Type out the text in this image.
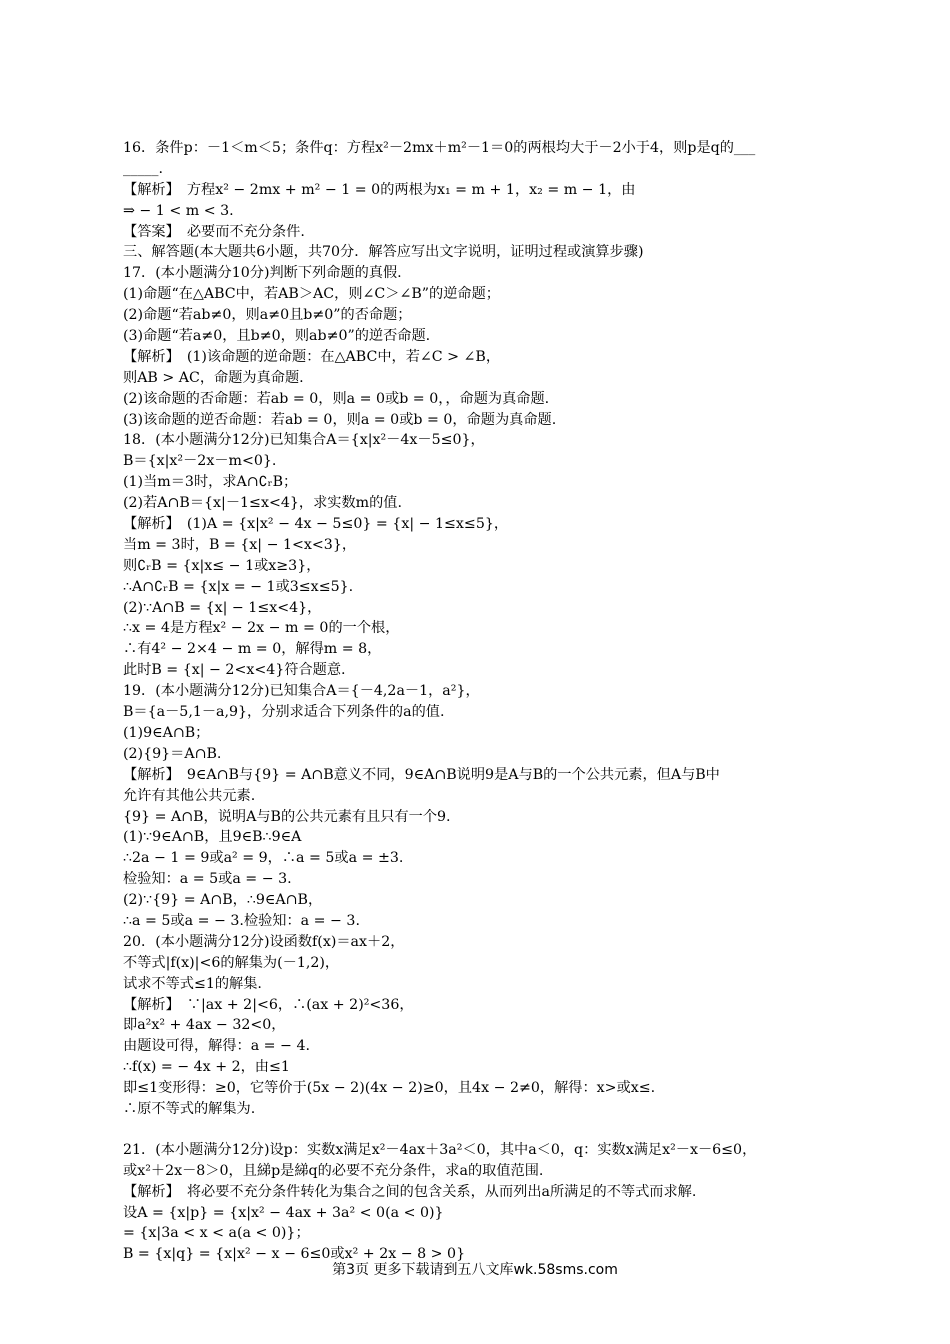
16．条件p：－1＜m＜5；条件q：方程x²－2mx＋m²－1＝0的两根均大于－2小于4，则p是q的___
_____.
【解析】　方程x² − 2mx + m² − 1 = 0的两根为x₁ = m + 1，x₂ = m − 1，由
⇒ − 1 < m < 3.
【答案】　必要而不充分条件.
三、解答题(本大题共6小题，共70分．解答应写出文字说明，证明过程或演算步骤)
17．(本小题满分10分)判断下列命题的真假.
(1)命题“在△ABC中，若AB＞AC，则∠C＞∠B”的逆命题；
(2)命题“若ab≠0，则a≠0且b≠0”的否命题；
(3)命题“若a≠0，且b≠0，则ab≠0”的逆否命题.
【解析】　(1)该命题的逆命题：在△ABC中，若∠C > ∠B，
则AB > AC，命题为真命题.
(2)该命题的否命题：若ab = 0，则a = 0或b = 0，，命题为真命题.
(3)该命题的逆否命题：若ab = 0，则a = 0或b = 0，命题为真命题.
18．(本小题满分12分)已知集合A＝{x|x²－4x－5≤0}，
B＝{x|x²－2x－m<0}.
(1)当m＝3时，求A∩∁ᵣB；
(2)若A∩B＝{x|－1≤x<4}，求实数m的值.
【解析】　(1)A = {x|x² − 4x − 5≤0} = {x| − 1≤x≤5}，
当m = 3时，B = {x| − 1<x<3}，
则∁ᵣB = {x|x≤ − 1或x≥3}，
∴A∩∁ᵣB = {x|x = − 1或3≤x≤5}.
(2)∵A∩B = {x| − 1≤x<4}，
∴x = 4是方程x² − 2x − m = 0的一个根，
∴有4² − 2×4 − m = 0，解得m = 8，
此时B = {x| − 2<x<4}符合题意.
19．(本小题满分12分)已知集合A＝{－4,2a－1，a²}，
B＝{a－5,1－a,9}，分别求适合下列条件的a的值.
(1)9∈A∩B；
(2){9}＝A∩B.
【解析】　9∈A∩B与{9} = A∩B意义不同，9∈A∩B说明9是A与B的一个公共元素，但A与B中
允许有其他公共元素.
{9} = A∩B，说明A与B的公共元素有且只有一个9.
(1)∵9∈A∩B，且9∈B∴9∈A
∴2a − 1 = 9或a² = 9，∴a = 5或a = ±3.
检验知：a = 5或a = − 3.
(2)∵{9} = A∩B，∴9∈A∩B，
∴a = 5或a = − 3.检验知：a = − 3.
20．(本小题满分12分)设函数f(x)＝ax＋2，
不等式|f(x)|<6的解集为(－1,2)，
试求不等式≤1的解集.
【解析】　∵|ax + 2|<6，∴(ax + 2)²<36，
即a²x² + 4ax − 32<0，
由题设可得，解得：a = − 4.
∴f(x) = − 4x + 2，由≤1
即≤1变形得：≥0，它等价于(5x − 2)(4x − 2)≥0，且4x − 2≠0，解得：x>或x≤.
∴原不等式的解集为.
21．(本小题满分12分)设p：实数x满足x²－4ax＋3a²＜0，其中a＜0，q：实数x满足x²－x－6≤0，
或x²＋2x－8＞0，且綈p是綈q的必要不充分条件，求a的取值范围.
【解析】　将必要不充分条件转化为集合之间的包含关系，从而列出a所满足的不等式而求解.
设A = {x|p} = {x|x² − 4ax + 3a² < 0(a < 0)}
= {x|3a < x < a(a < 0)}；
B = {x|q} = {x|x² − x − 6≤0或x² + 2x − 8 > 0}
第3页 更多下载请到五八文库wk.58sms.com
